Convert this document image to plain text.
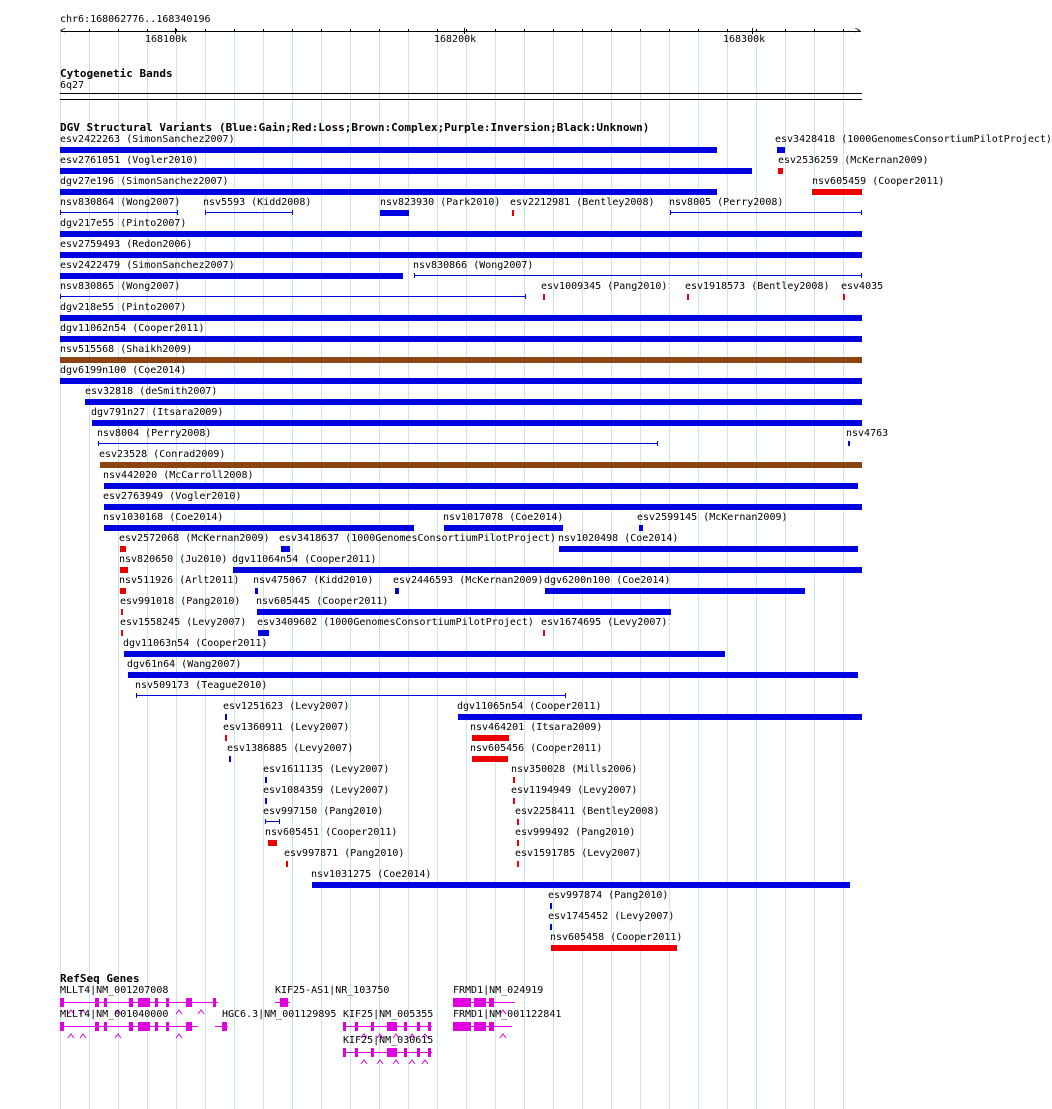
chr6:168062776..168340196
<	>
168100k	168200k	168300k
Cytogenetic Bands
6q27
DGV Structural Variants (Blue:Gain;Red:Loss;Brown:Complex;Purple:Inversion;Black:Unknown)
esv2422263 (SimonSanchez2007)	esv3428418 (1000GenomesConsortiumPilotProject)
esv2761051 (Vogler2010)	esv2536259 (McKernan2009)
dgv27e196 (SimonSanchez2007)	nsv605459 (Cooper2011)
nsv830864 (Wong2007) nsv5593 (Kidd2008)	nsv823930 (Park2010) esv2212981 (Bentley2008) nsv8005 (Perry2008)
dgv217e55 (Pinto2007)
esv2759493 (Redon2006)
esv2422479 (SimonSanchez2007)	nsv830866 (Wong2007)
nsv830865 (Wong2007)	esv1009345 (Pang2010) esv1918573 (Bentley2008) esv4035
dgv218e55 (Pinto2007)
dgv11062n54 (Cooper2011)
nsv515568 (Shaikh2009)
dgv6199n100 (Coe2014)
esv32818 (deSmith2007)
dgv791n27 (Itsara2009)
nsv8004 (Perry2008)	nsv4763
esv23528 (Conrad2009)
nsv442020 (McCarroll2008)
esv2763949 (Vogler2010)
nsv1030168 (Coe2014)	nsv1017078 (Coe2014)	esv2599145 (McKernan2009)
esv2572068 (McKernan2009) esv3418637 (1000GenomesConsortiumPilotProject) nsv1020498 (Coe2014)
nsv820650 (Ju2010) dgv11064n54 (Cooper2011)
nsv511926 (Arlt2011) nsv475067 (Kidd2010) esv2446593 (McKernan2009) dgv6200n100 (Coe2014)
esv991018 (Pang2010) nsv605445 (Cooper2011)
esv1558245 (Levy2007) esv3409602 (1000GenomesConsortiumPilotProject) esv1674695 (Levy2007)
dgv11063n54 (Cooper2011)
dgv61n64 (Wang2007)
nsv509173 (Teague2010)
esv1251623 (Levy2007)	dgv11065n54 (Cooper2011)
esv1360911 (Levy2007)	nsv464201 (Itsara2009)
esv1386885 (Levy2007)	nsv605456 (Cooper2011)
esv1611135 (Levy2007)	nsv350028 (Mills2006)
esv1084359 (Levy2007)	esv1194949 (Levy2007)
esv997150 (Pang2010)	esv2258411 (Bentley2008)
nsv605451 (Cooper2011)	esv999492 (Pang2010)
esv997871 (Pang2010)	esv1591785 (Levy2007)
nsv1031275 (Coe2014)
esv997874 (Pang2010)
esv1745452 (Levy2007)
nsv605458 (Cooper2011)
RefSeq Genes
MLLT4|NM_001207008	KIF25-AS1|NR_103750	FRMD1|NM_024919
MLLT4|NM_001040000	HGC6.3|NM_001129895 KIF25|NM_005355 FRMD1|NM_001122841
KIF25|NM_030615
